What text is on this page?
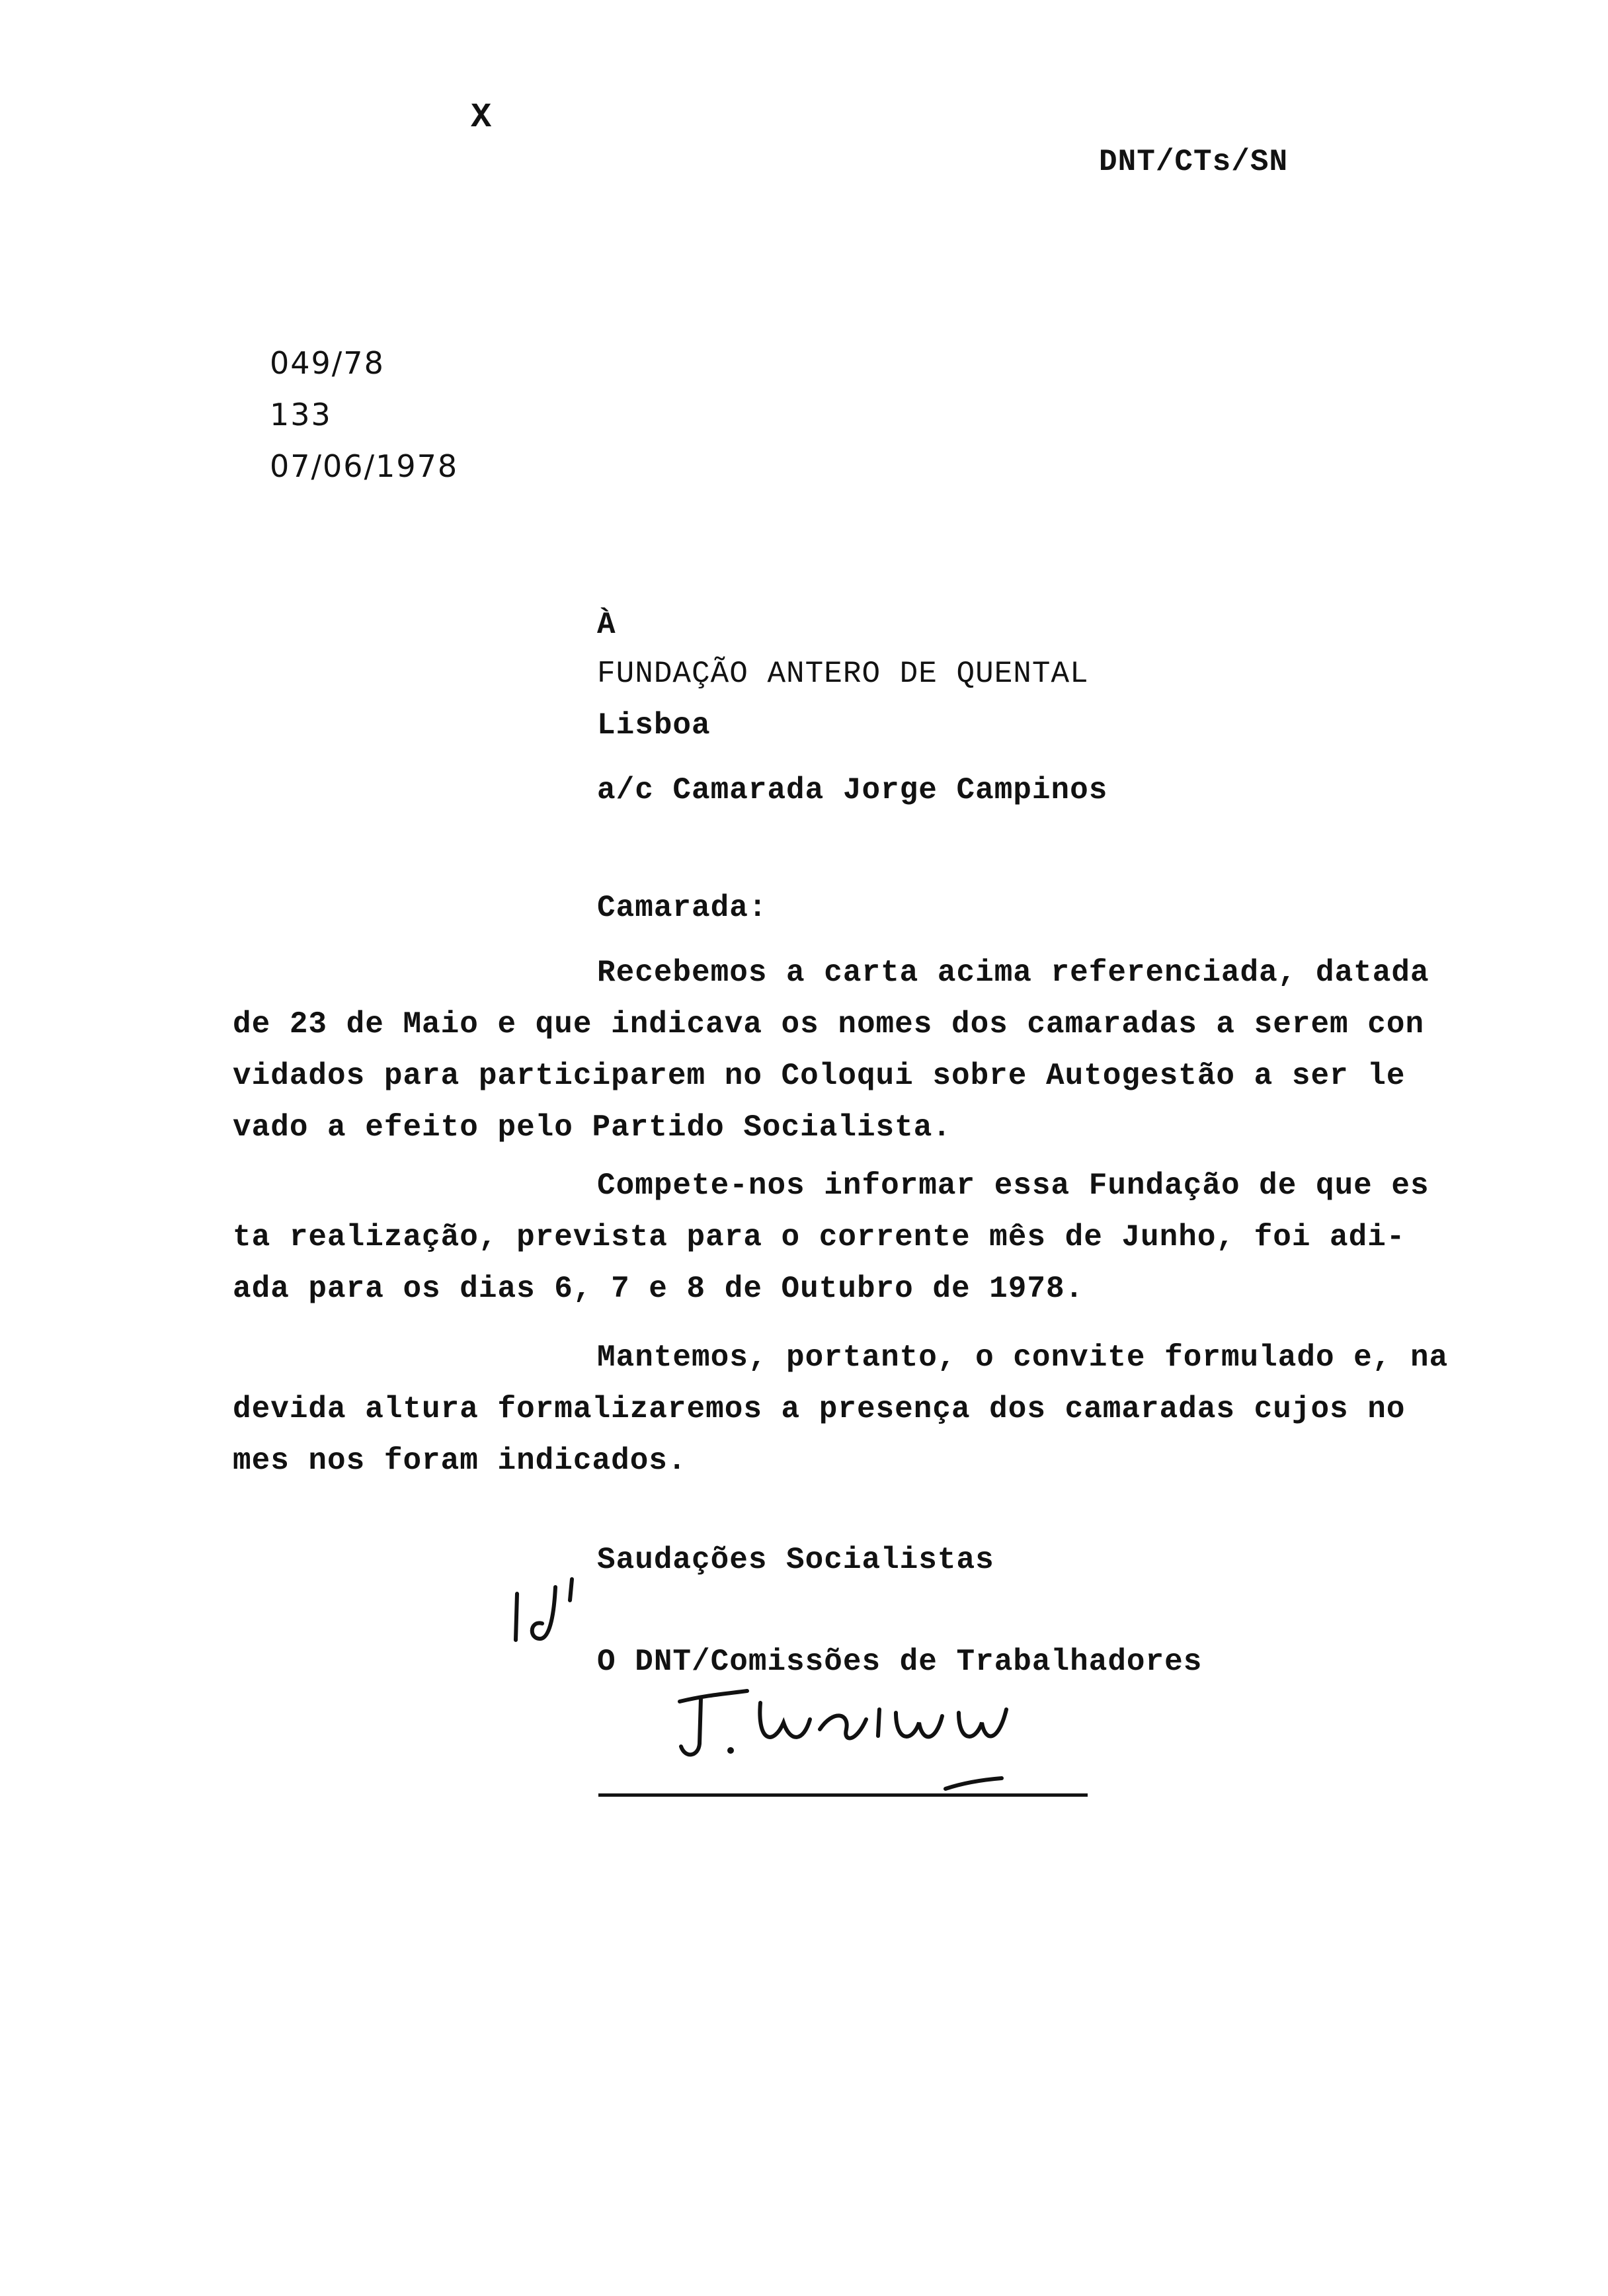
X
DNT/CTs/SN
049/78
133
07/06/1978
À
FUNDAÇÃO ANTERO DE QUENTAL
Lisboa
a/c Camarada Jorge Campinos
Camarada:
Recebemos a carta acima referenciada, datada
de 23 de Maio e que indicava os nomes dos camaradas a serem con
vidados para participarem no Coloqui sobre Autogestão a ser le
vado a efeito pelo Partido Socialista.
Compete-nos informar essa Fundação de que es
ta realização, prevista para o corrente mês de Junho, foi adi-
ada para os dias 6, 7 e 8 de Outubro de 1978.
Mantemos, portanto, o convite formulado e, na
devida altura formalizaremos a presença dos camaradas cujos no
mes nos foram indicados.
Saudações Socialistas
O DNT/Comissões de Trabalhadores
